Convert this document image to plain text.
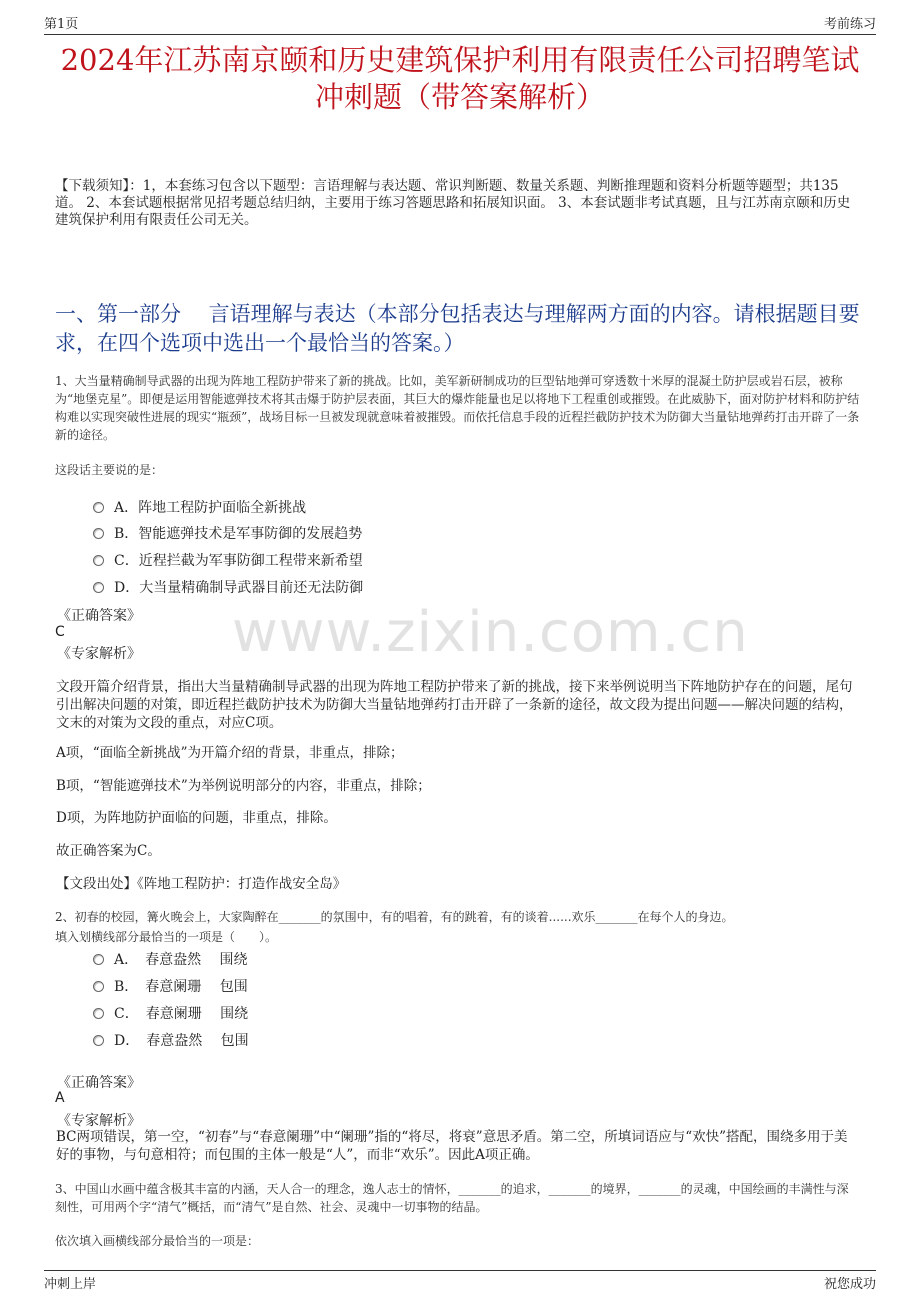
第1页	考前练习
2024年江苏南京颐和历史建筑保护利用有限责任公司招聘笔试冲刺题（带答案解析）
【下载须知】：1，本套练习包含以下题型：言语理解与表达题、常识判断题、数量关系题、判断推理题和资料分析题等题型；共135道。 2、本套试题根据常见招考题总结归纳，主要用于练习答题思路和拓展知识面。 3、本套试题非考试真题，且与江苏南京颐和历史建筑保护利用有限责任公司无关。
一、第一部分　 言语理解与表达（本部分包括表达与理解两方面的内容。请根据题目要求，在四个选项中选出一个最恰当的答案。）
www.zixin.com.cn
1、大当量精确制导武器的出现为阵地工程防护带来了新的挑战。比如，美军新研制成功的巨型钻地弹可穿透数十米厚的混凝土防护层或岩石层，被称为“地堡克星”。即便是运用智能遮弹技术将其击爆于防护层表面，其巨大的爆炸能量也足以将地下工程重创或摧毁。在此威胁下，面对防护材料和防护结构难以实现突破性进展的现实“瓶颈”，战场目标一旦被发现就意味着被摧毁。而依托信息手段的近程拦截防护技术为防御大当量钻地弹药打击开辟了一条新的途径。
这段话主要说的是：
A．阵地工程防护面临全新挑战
B．智能遮弹技术是军事防御的发展趋势
C．近程拦截为军事防御工程带来新希望
D．大当量精确制导武器目前还无法防御
《正确答案》
C
《专家解析》
文段开篇介绍背景，指出大当量精确制导武器的出现为阵地工程防护带来了新的挑战，接下来举例说明当下阵地防护存在的问题，尾句引出解决问题的对策，即近程拦截防护技术为防御大当量钻地弹药打击开辟了一条新的途径，故文段为提出问题——解决问题的结构，文末的对策为文段的重点，对应C项。
A项，“面临全新挑战”为开篇介绍的背景，非重点，排除；
B项，“智能遮弹技术”为举例说明部分的内容，非重点，排除；
D项，为阵地防护面临的问题，非重点，排除。
故正确答案为C。
【文段出处】《阵地工程防护：打造作战安全岛》
2、初春的校园，篝火晚会上，大家陶醉在_______的氛围中，有的唱着，有的跳着，有的谈着......欢乐_______在每个人的身边。
填入划横线部分最恰当的一项是（　　）。
A．　春意盎然　 围绕
B．　春意阑珊　 包围
C．　春意阑珊　 围绕
D．　春意盎然　 包围
《正确答案》
A
《专家解析》
BC两项错误，第一空，“初春”与“春意阑珊”中“阑珊”指的“将尽，将衰”意思矛盾。第二空，所填词语应与“欢快”搭配，围绕多用于美好的事物，与句意相符；而包围的主体一般是“人”，而非“欢乐”。因此A项正确。
3、中国山水画中蕴含极其丰富的内涵，天人合一的理念，逸人志士的情怀，_______的追求，_______的境界，_______的灵魂，中国绘画的丰满性与深刻性，可用两个字“清气”概括，而“清气”是自然、社会、灵魂中一切事物的结晶。
依次填入画横线部分最恰当的一项是：
冲刺上岸	祝您成功
